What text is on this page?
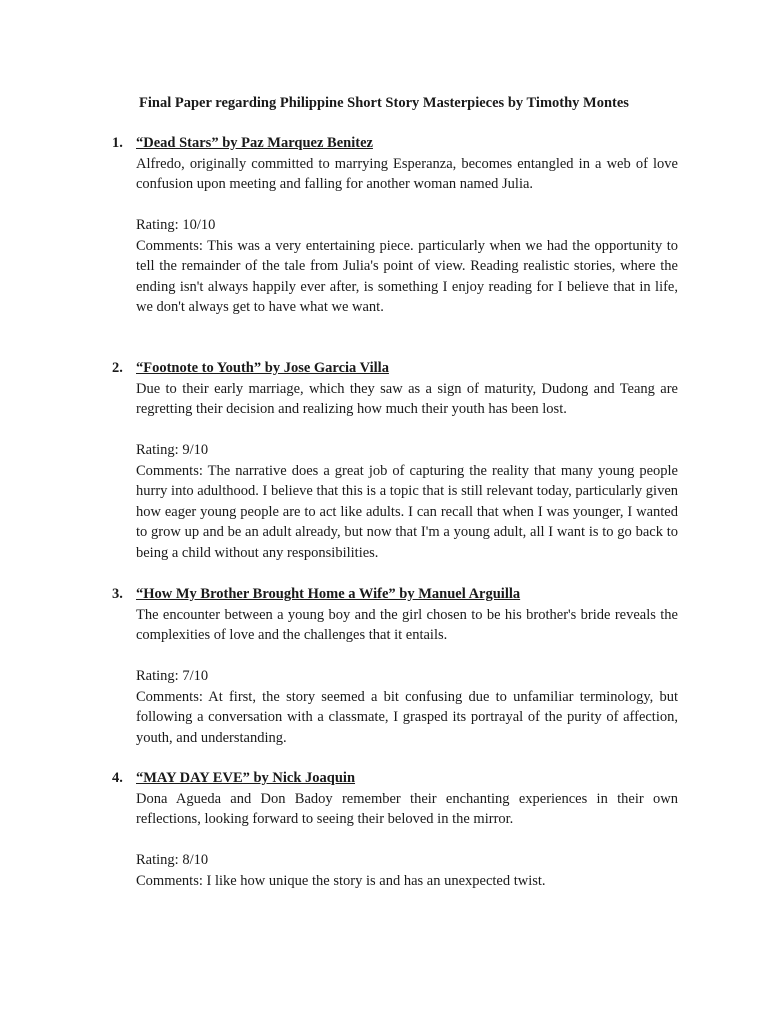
Final Paper regarding Philippine Short Story Masterpieces by Timothy Montes
1. “Dead Stars” by Paz Marquez Benitez

Alfredo, originally committed to marrying Esperanza, becomes entangled in a web of love confusion upon meeting and falling for another woman named Julia.

Rating: 10/10

Comments: This was a very entertaining piece. particularly when we had the opportunity to tell the remainder of the tale from Julia's point of view. Reading realistic stories, where the ending isn't always happily ever after, is something I enjoy reading for I believe that in life, we don't always get to have what we want.

2. “Footnote to Youth” by Jose Garcia Villa

Due to their early marriage, which they saw as a sign of maturity, Dudong and Teang are regretting their decision and realizing how much their youth has been lost.

Rating: 9/10

Comments: The narrative does a great job of capturing the reality that many young people hurry into adulthood. I believe that this is a topic that is still relevant today, particularly given how eager young people are to act like adults. I can recall that when I was younger, I wanted to grow up and be an adult already, but now that I'm a young adult, all I want is to go back to being a child without any responsibilities.

3. “How My Brother Brought Home a Wife” by Manuel Arguilla

The encounter between a young boy and the girl chosen to be his brother's bride reveals the complexities of love and the challenges that it entails.

Rating: 7/10

Comments: At first, the story seemed a bit confusing due to unfamiliar terminology, but following a conversation with a classmate, I grasped its portrayal of the purity of affection, youth, and understanding.

4. “MAY DAY EVE” by Nick Joaquin

Dona Agueda and Don Badoy remember their enchanting experiences in their own reflections, looking forward to seeing their beloved in the mirror.

Rating: 8/10

Comments: I like how unique the story is and has an unexpected twist.
